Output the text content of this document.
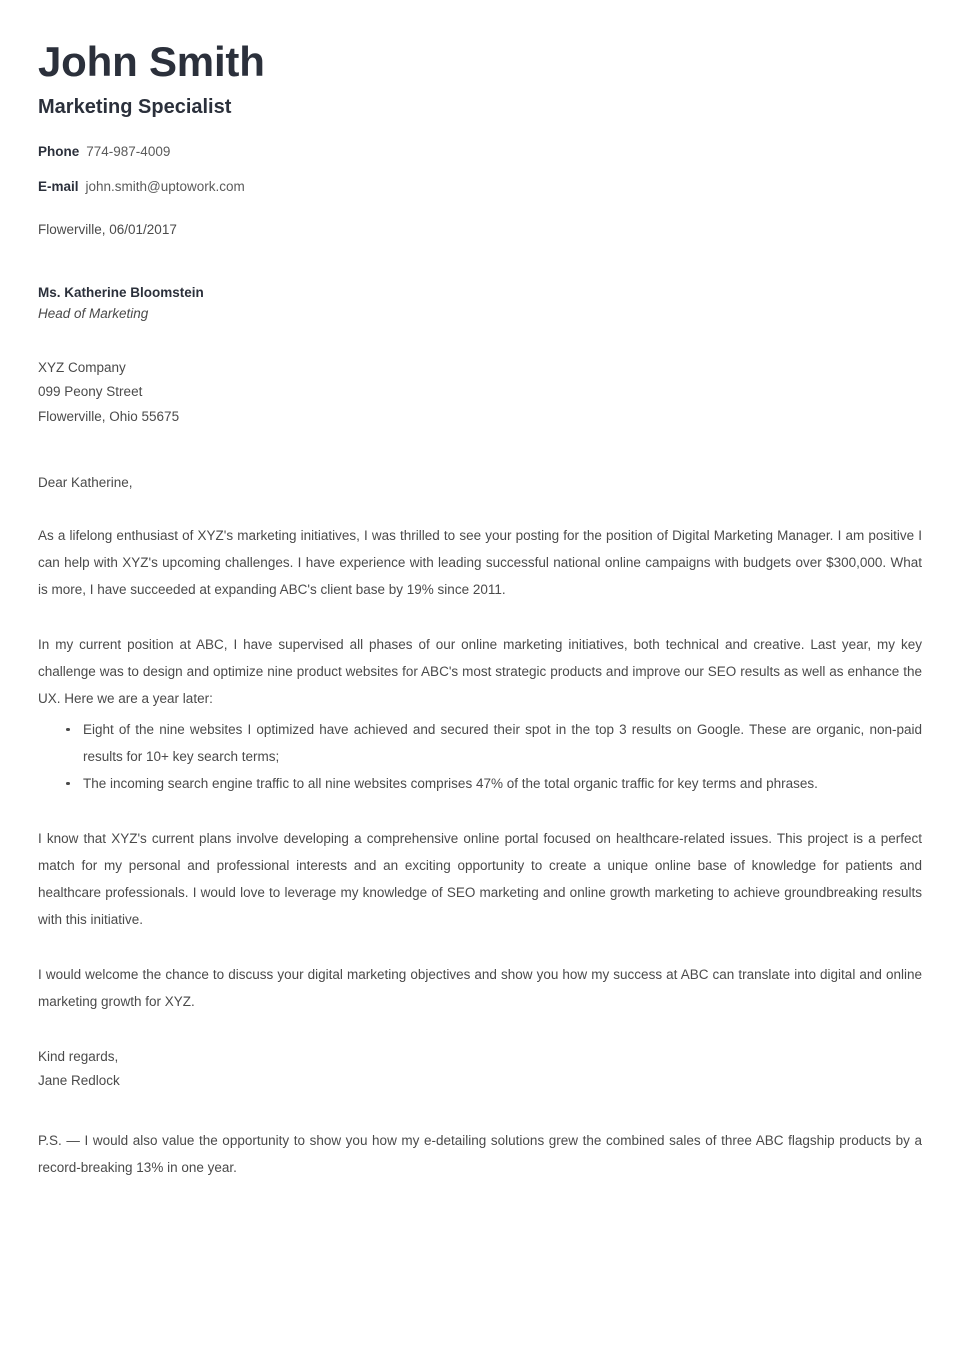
John Smith
Marketing Specialist
Phone 774-987-4009
E-mail john.smith@uptowork.com

Flowerville, 06/01/2017

Ms. Katherine Bloomstein

Head of Marketing

XYZ Company

099 Peony Street

Flowerville, Ohio 55675

Dear Katherine,

As a lifelong enthusiast of XYZ's marketing initiatives, I was thrilled to see your posting for the position of Digital Marketing Manager. I am positive I can help with XYZ's upcoming challenges. I have experience with leading successful national online campaigns with budgets over $300,000. What is more, I have succeeded at expanding ABC's client base by 19% since 2011.

In my current position at ABC, I have supervised all phases of our online marketing initiatives, both technical and creative. Last year, my key challenge was to design and optimize nine product websites for ABC's most strategic products and improve our SEO results as well as enhance the UX. Here we are a year later:

Eight of the nine websites I optimized have achieved and secured their spot in the top 3 results on Google. These are organic, non-paid results for 10+ key search terms;
The incoming search engine traffic to all nine websites comprises 47% of the total organic traffic for key terms and phrases.

I know that XYZ's current plans involve developing a comprehensive online portal focused on healthcare-related issues. This project is a perfect match for my personal and professional interests and an exciting opportunity to create a unique online base of knowledge for patients and healthcare professionals. I would love to leverage my knowledge of SEO marketing and online growth marketing to achieve groundbreaking results with this initiative.

I would welcome the chance to discuss your digital marketing objectives and show you how my success at ABC can translate into digital and online marketing growth for XYZ.

Kind regards,

Jane Redlock

P.S. — I would also value the opportunity to show you how my e-detailing solutions grew the combined sales of three ABC flagship products by a record-breaking 13% in one year.
